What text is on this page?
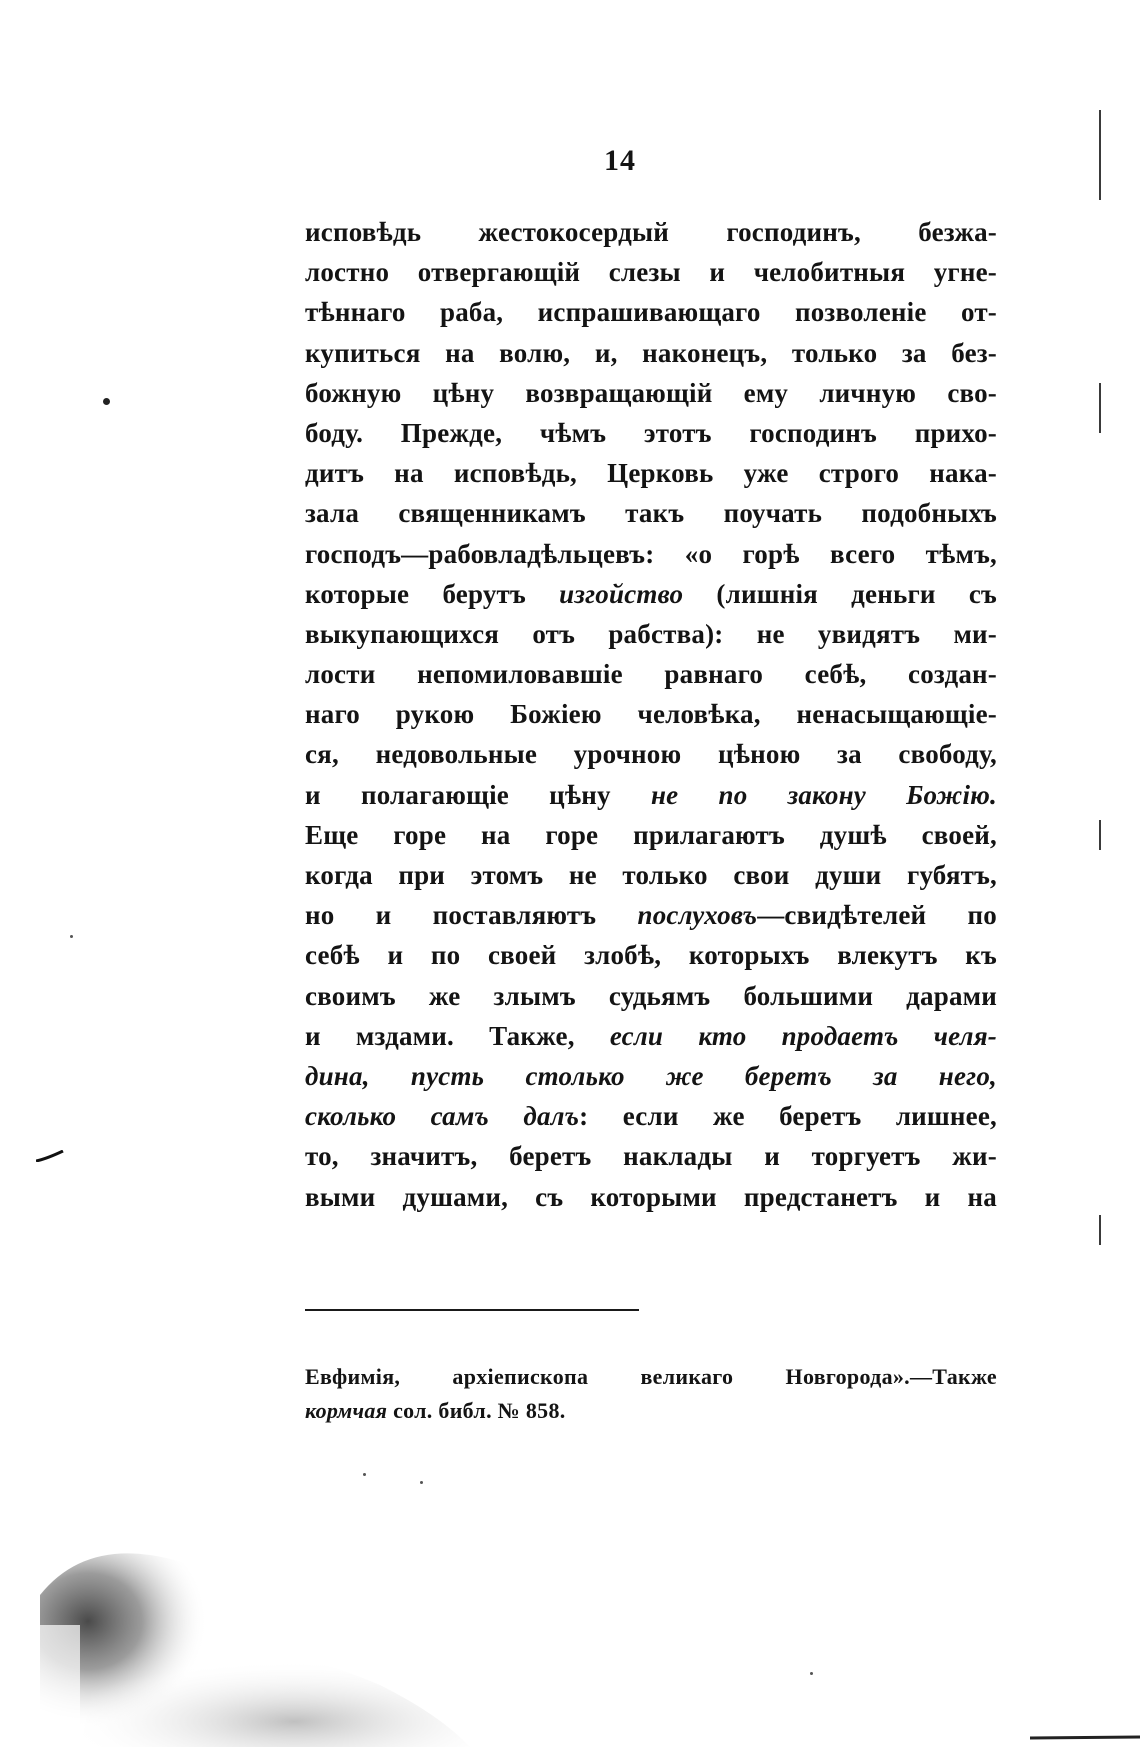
14
исповѣдь жестокосердый господинъ, безжа-
лостно отвергающій слезы и челобитныя угне-
тѣннаго раба, испрашивающаго позволеніе от-
купиться на волю, и, наконецъ, только за без-
божную цѣну возвращающій ему личную сво-
боду. Прежде, чѣмъ этотъ господинъ прихо-
дитъ на исповѣдь, Церковь уже строго нака-
зала священникамъ такъ поучать подобныхъ
господъ—рабовладѣльцевъ: «о горѣ всего тѣмъ,
которые берутъ изгойство (лишнія деньги съ
выкупающихся отъ рабства): не увидятъ ми-
лости непомиловавшіе равнаго себѣ, создан-
наго рукою Божіею человѣка, ненасыщающіе-
ся, недовольные урочною цѣною за свободу,
и полагающіе цѣну не по закону Божію.
Еще горе на горе прилагаютъ душѣ своей,
когда при этомъ не только свои души губятъ,
но и поставляютъ послуховъ—свидѣтелей по
себѣ и по своей злобѣ, которыхъ влекутъ къ
своимъ же злымъ судьямъ большими дарами
и мздами. Также, если кто продаетъ челя-
дина, пусть столько же беретъ за него,
сколько самъ далъ: если же беретъ лишнее,
то, значитъ, беретъ наклады и торгуетъ жи-
выми душами, съ которыми предстанетъ и на
Евфимія, архіепископа великаго Новгорода».—Также
кормчая сол. библ. № 858.
